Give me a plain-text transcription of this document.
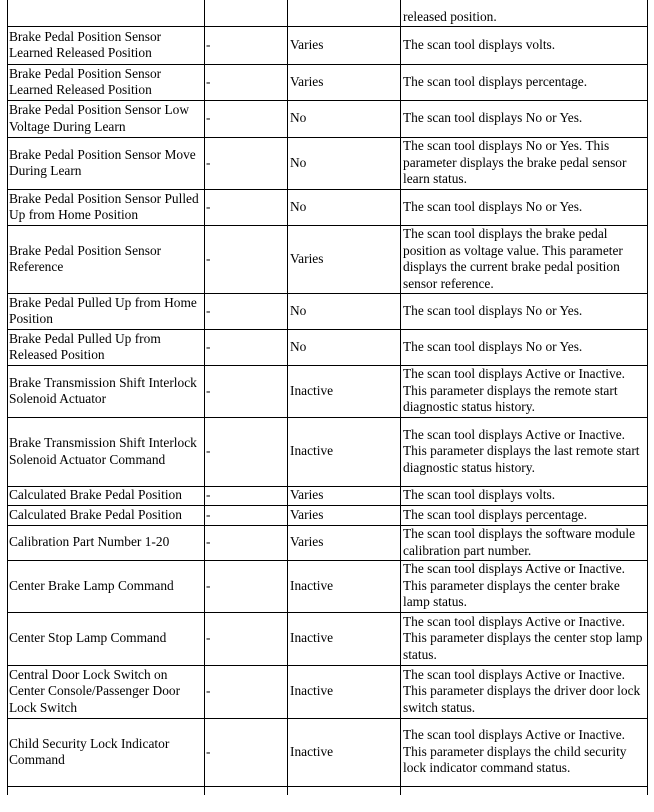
			released position.
Brake Pedal Position Sensor Learned Released Position	-	Varies	The scan tool displays volts.
Brake Pedal Position Sensor Learned Released Position	-	Varies	The scan tool displays percentage.
Brake Pedal Position Sensor Low Voltage During Learn	-	No	The scan tool displays No or Yes.
Brake Pedal Position Sensor Move During Learn	-	No	The scan tool displays No or Yes. This parameter displays the brake pedal sensor learn status.
Brake Pedal Position Sensor Pulled Up from Home Position	-	No	The scan tool displays No or Yes.
Brake Pedal Position Sensor Reference	-	Varies	The scan tool displays the brake pedal position as voltage value. This parameter displays the current brake pedal position sensor reference.
Brake Pedal Pulled Up from Home Position	-	No	The scan tool displays No or Yes.
Brake Pedal Pulled Up from Released Position	-	No	The scan tool displays No or Yes.
Brake Transmission Shift Interlock Solenoid Actuator	-	Inactive	The scan tool displays Active or Inactive. This parameter displays the remote start diagnostic status history.
Brake Transmission Shift Interlock Solenoid Actuator Command	-	Inactive	The scan tool displays Active or Inactive. This parameter displays the last remote start diagnostic status history.
Calculated Brake Pedal Position	-	Varies	The scan tool displays volts.
Calculated Brake Pedal Position	-	Varies	The scan tool displays percentage.
Calibration Part Number 1-20	-	Varies	The scan tool displays the software module calibration part number.
Center Brake Lamp Command	-	Inactive	The scan tool displays Active or Inactive. This parameter displays the center brake lamp status.
Center Stop Lamp Command	-	Inactive	The scan tool displays Active or Inactive. This parameter displays the center stop lamp status.
Central Door Lock Switch on Center Console/Passenger Door Lock Switch	-	Inactive	The scan tool displays Active or Inactive. This parameter displays the driver door lock switch status.
Child Security Lock Indicator Command	-	Inactive	The scan tool displays Active or Inactive. This parameter displays the child security lock indicator command status.
